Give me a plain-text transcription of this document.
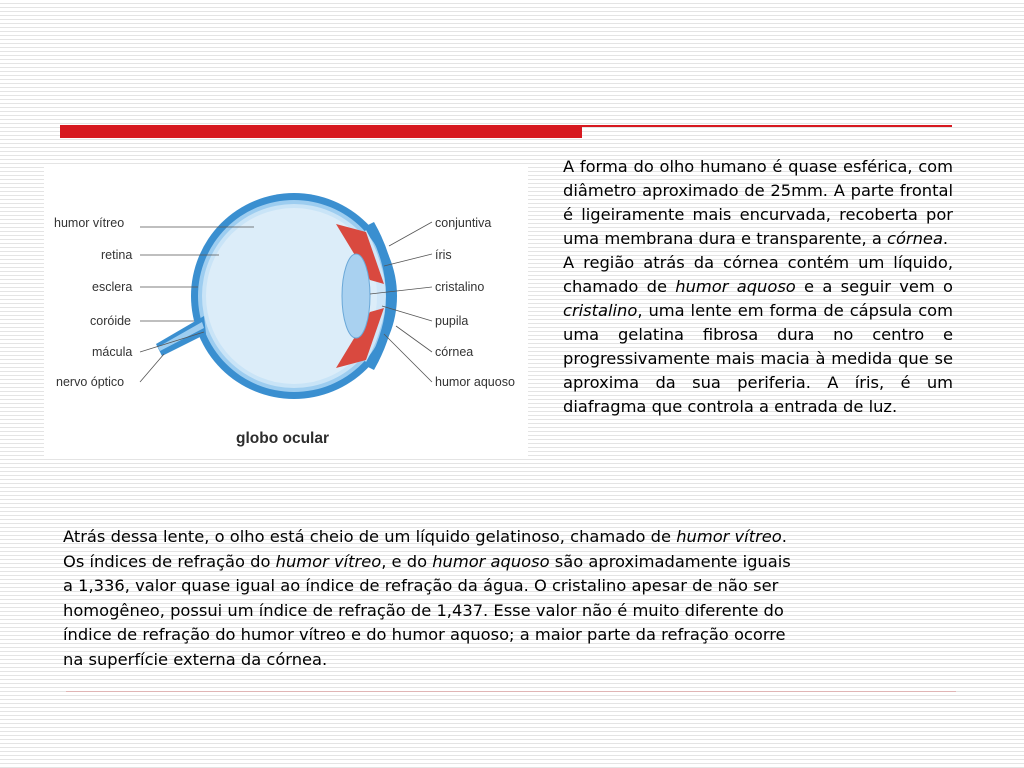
humor vítreo
retina
esclera
coróide
mácula
nervo óptico
conjuntiva
íris
cristalino
pupila
córnea
humor aquoso
globo ocular

A forma do olho humano é quase esférica, com diâmetro aproximado de 25mm. A parte frontal é ligeiramente mais encurvada, recoberta por uma membrana dura e transparente, a córnea.

A região atrás da córnea contém um líquido, chamado de humor aquoso e a seguir vem o cristalino, uma lente em forma de cápsula com uma gelatina fibrosa dura no centro e progressivamente mais macia à medida que se aproxima da sua periferia. A íris, é um diafragma que controla a entrada de luz.

Atrás dessa lente, o olho está cheio de um líquido gelatinoso, chamado de humor vítreo.
Os índices de refração do humor vítreo, e do humor aquoso são aproximadamente iguais
a 1,336, valor quase igual ao índice de refração da água. O cristalino apesar de não ser
homogêneo, possui um índice de refração de 1,437. Esse valor não é muito diferente do
índice de refração do humor vítreo e do humor aquoso; a maior parte da refração ocorre
na superfície externa da córnea.
